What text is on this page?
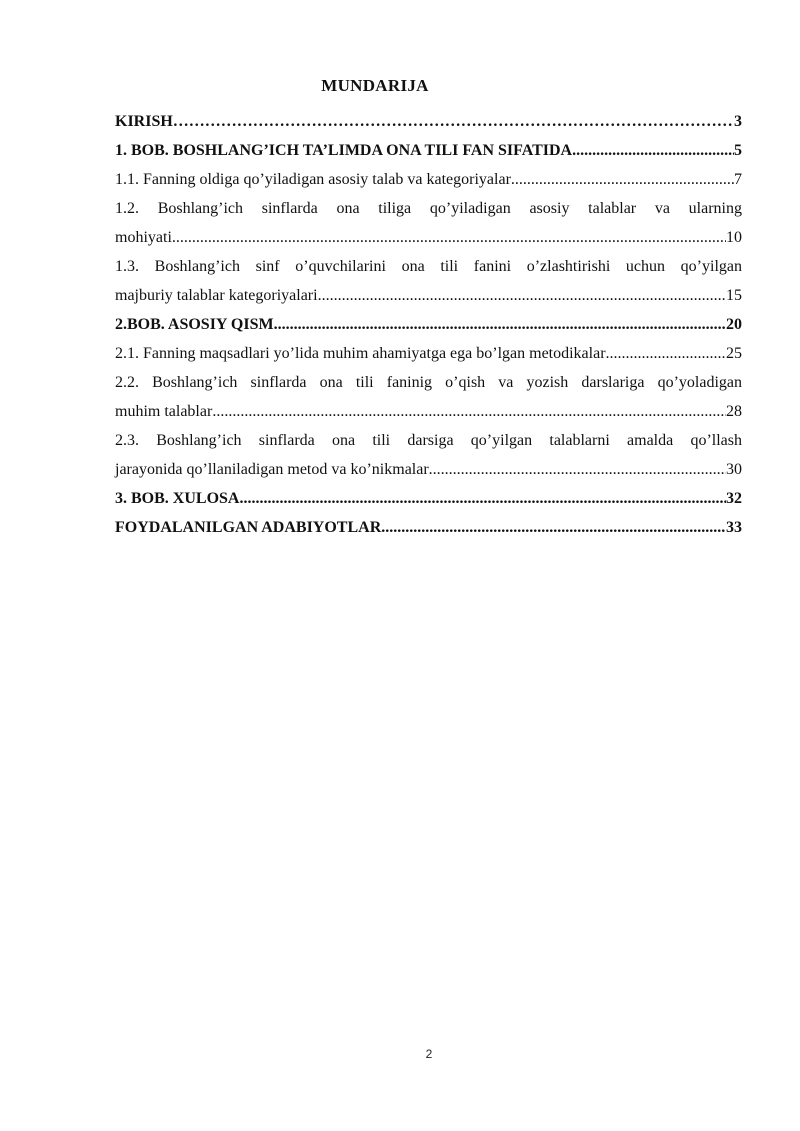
MUNDARIJA
KIRISH …………………………………………………………………………………………………………………………………………	3
1. BOB. BOSHLANG’ICH TA’LIMDA ONA TILI FAN SIFATIDA .....	5
1.1. Fanning oldiga qo’yiladigan asosiy talab va kategoriyalar .....	7
1.2. Boshlang’ich sinflarda ona tiliga qo’yiladigan asosiy talablar va ularning
mohiyati .....	10
1.3. Boshlang’ich sinf o’quvchilarini ona tili fanini o’zlashtirishi uchun qo’yilgan
majburiy talablar kategoriyalari .....	15
2.BOB. ASOSIY QISM .....	20
2.1. Fanning maqsadlari yo’lida muhim ahamiyatga ega bo’lgan metodikalar .....	25
2.2. Boshlang’ich sinflarda ona tili faninig o’qish va yozish darslariga qo’yoladigan
muhim talablar .....	28
2.3. Boshlang’ich sinflarda ona tili darsiga qo’yilgan talablarni amalda qo’llash
jarayonida qo’llaniladigan metod va ko’nikmalar .....	30
3. BOB. XULOSA .....	32
FOYDALANILGAN ADABIYOTLAR .....	33
2
